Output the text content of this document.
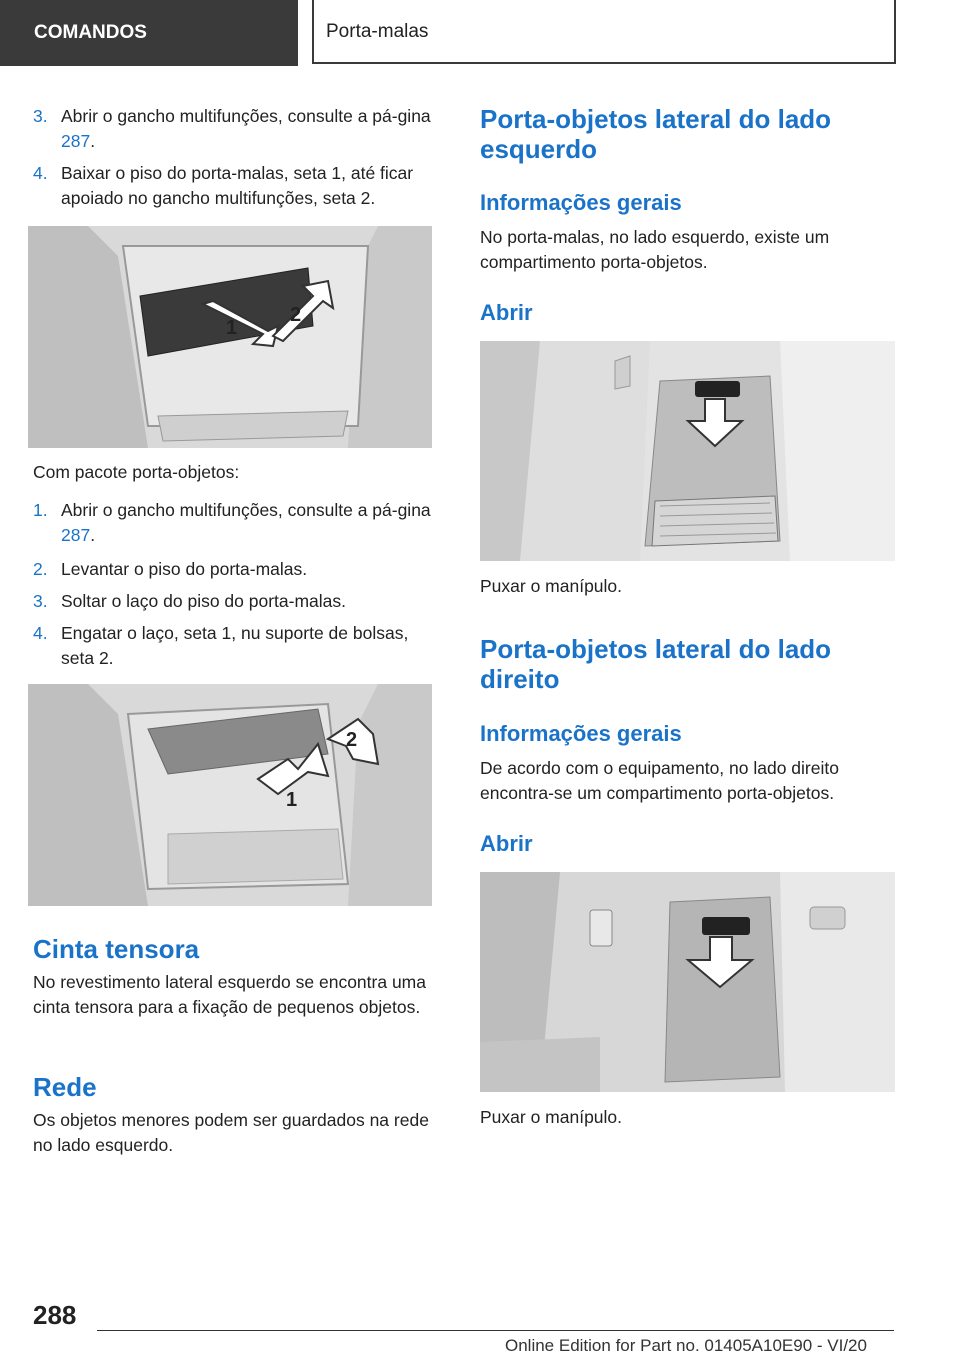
COMANDOS	Porta-malas
3. Abrir o gancho multifunções, consulte a pá-gina 287.
4. Baixar o piso do porta-malas, seta 1, até ficar apoiado no gancho multifunções, seta 2.
1
2
Com pacote porta-objetos:
1. Abrir o gancho multifunções, consulte a pá-gina 287.
2. Levantar o piso do porta-malas.
3. Soltar o laço do piso do porta-malas.
4. Engatar o laço, seta 1, nu suporte de bolsas, seta 2.
1
2
Cinta tensora
No revestimento lateral esquerdo se encontra uma cinta tensora para a fixação de pequenos objetos.
Rede
Os objetos menores podem ser guardados na rede no lado esquerdo.
Porta-objetos lateral do lado esquerdo
Informações gerais
No porta-malas, no lado esquerdo, existe um compartimento porta-objetos.
Abrir
Puxar o manípulo.
Porta-objetos lateral do lado direito
Informações gerais
De acordo com o equipamento, no lado direito encontra-se um compartimento porta-objetos.
Abrir
Puxar o manípulo.
288
Online Edition for Part no. 01405A10E90 - VI/20
